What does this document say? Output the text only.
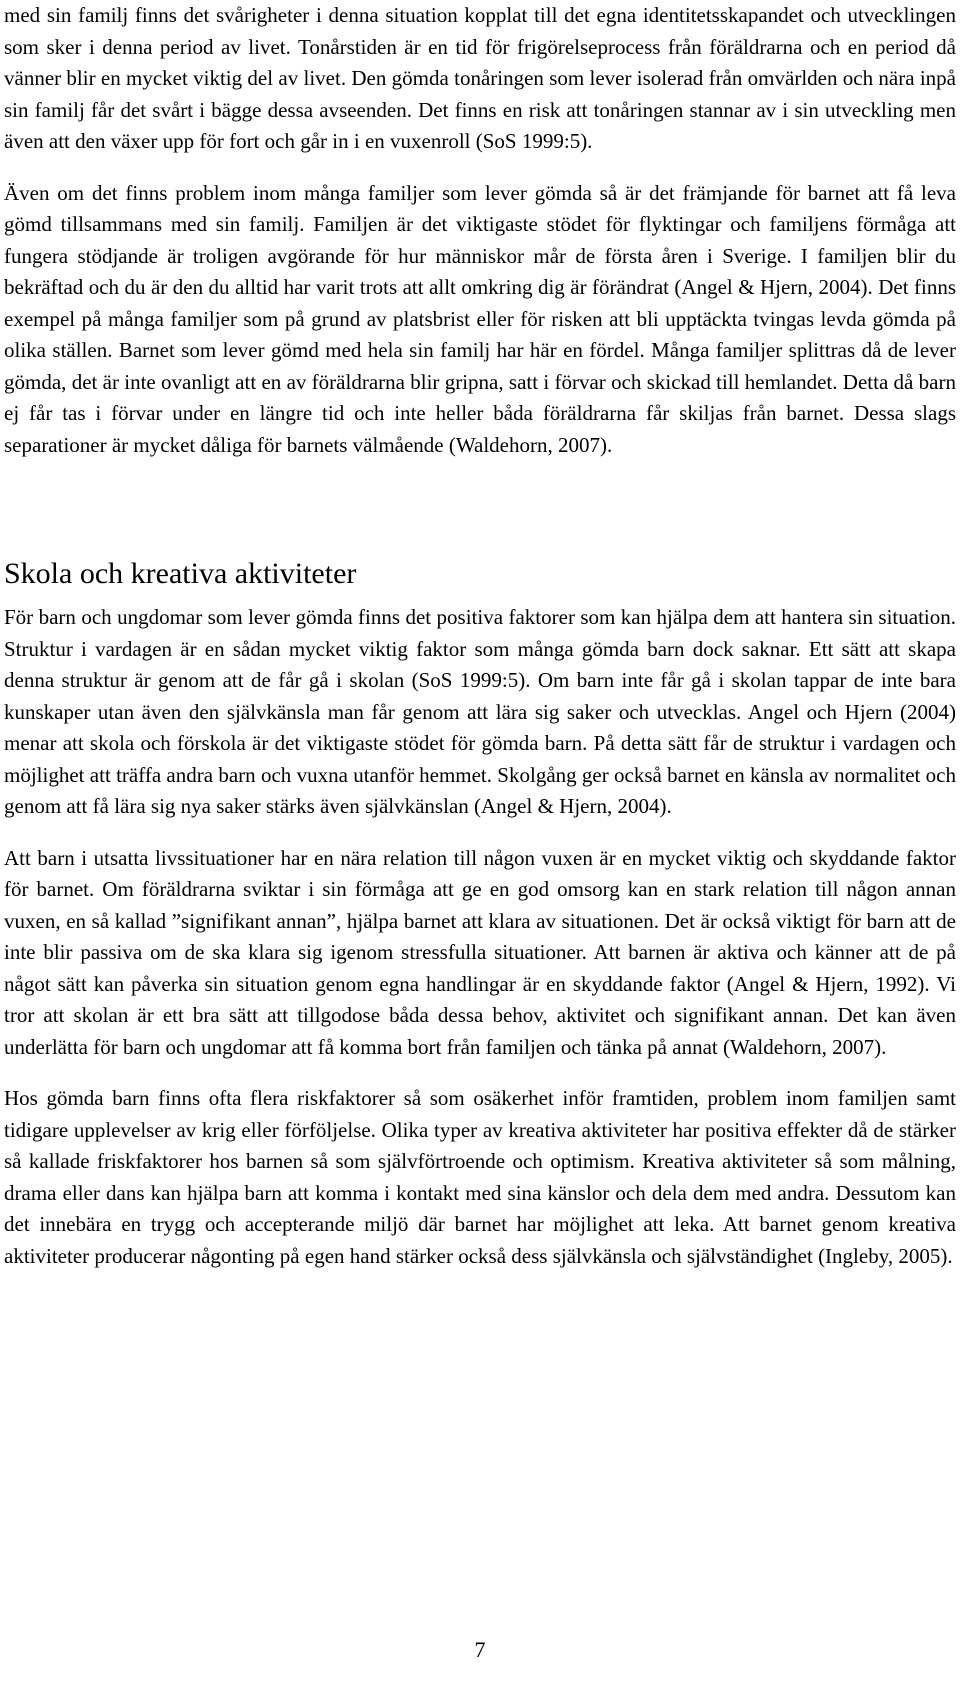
med sin familj finns det svårigheter i denna situation kopplat till det egna identitetsskapandet och utvecklingen som sker i denna period av livet. Tonårstiden är en tid för frigörelseprocess från föräldrarna och en period då vänner blir en mycket viktig del av livet. Den gömda tonåringen som lever isolerad från omvärlden och nära inpå sin familj får det svårt i bägge dessa avseenden. Det finns en risk att tonåringen stannar av i sin utveckling men även att den växer upp för fort och går in i en vuxenroll (SoS 1999:5).

Även om det finns problem inom många familjer som lever gömda så är det främjande för barnet att få leva gömd tillsammans med sin familj. Familjen är det viktigaste stödet för flyktingar och familjens förmåga att fungera stödjande är troligen avgörande för hur människor mår de första åren i Sverige. I familjen blir du bekräftad och du är den du alltid har varit trots att allt omkring dig är förändrat (Angel & Hjern, 2004). Det finns exempel på många familjer som på grund av platsbrist eller för risken att bli upptäckta tvingas levda gömda på olika ställen. Barnet som lever gömd med hela sin familj har här en fördel. Många familjer splittras då de lever gömda, det är inte ovanligt att en av föräldrarna blir gripna, satt i förvar och skickad till hemlandet. Detta då barn ej får tas i förvar under en längre tid och inte heller båda föräldrarna får skiljas från barnet. Dessa slags separationer är mycket dåliga för barnets välmående (Waldehorn, 2007).

Skola och kreativa aktiviteter

För barn och ungdomar som lever gömda finns det positiva faktorer som kan hjälpa dem att hantera sin situation. Struktur i vardagen är en sådan mycket viktig faktor som många gömda barn dock saknar. Ett sätt att skapa denna struktur är genom att de får gå i skolan (SoS 1999:5). Om barn inte får gå i skolan tappar de inte bara kunskaper utan även den självkänsla man får genom att lära sig saker och utvecklas. Angel och Hjern (2004) menar att skola och förskola är det viktigaste stödet för gömda barn. På detta sätt får de struktur i vardagen och möjlighet att träffa andra barn och vuxna utanför hemmet. Skolgång ger också barnet en känsla av normalitet och genom att få lära sig nya saker stärks även självkänslan (Angel & Hjern, 2004).

Att barn i utsatta livssituationer har en nära relation till någon vuxen är en mycket viktig och skyddande faktor för barnet. Om föräldrarna sviktar i sin förmåga att ge en god omsorg kan en stark relation till någon annan vuxen, en så kallad ”signifikant annan”, hjälpa barnet att klara av situationen. Det är också viktigt för barn att de inte blir passiva om de ska klara sig igenom stressfulla situationer. Att barnen är aktiva och känner att de på något sätt kan påverka sin situation genom egna handlingar är en skyddande faktor (Angel & Hjern, 1992). Vi tror att skolan är ett bra sätt att tillgodose båda dessa behov, aktivitet och signifikant annan. Det kan även underlätta för barn och ungdomar att få komma bort från familjen och tänka på annat (Waldehorn, 2007).

Hos gömda barn finns ofta flera riskfaktorer så som osäkerhet inför framtiden, problem inom familjen samt tidigare upplevelser av krig eller förföljelse. Olika typer av kreativa aktiviteter har positiva effekter då de stärker så kallade friskfaktorer hos barnen så som självförtroende och optimism. Kreativa aktiviteter så som målning, drama eller dans kan hjälpa barn att komma i kontakt med sina känslor och dela dem med andra. Dessutom kan det innebära en trygg och accepterande miljö där barnet har möjlighet att leka. Att barnet genom kreativa aktiviteter producerar någonting på egen hand stärker också dess självkänsla och självständighet (Ingleby, 2005).

7
